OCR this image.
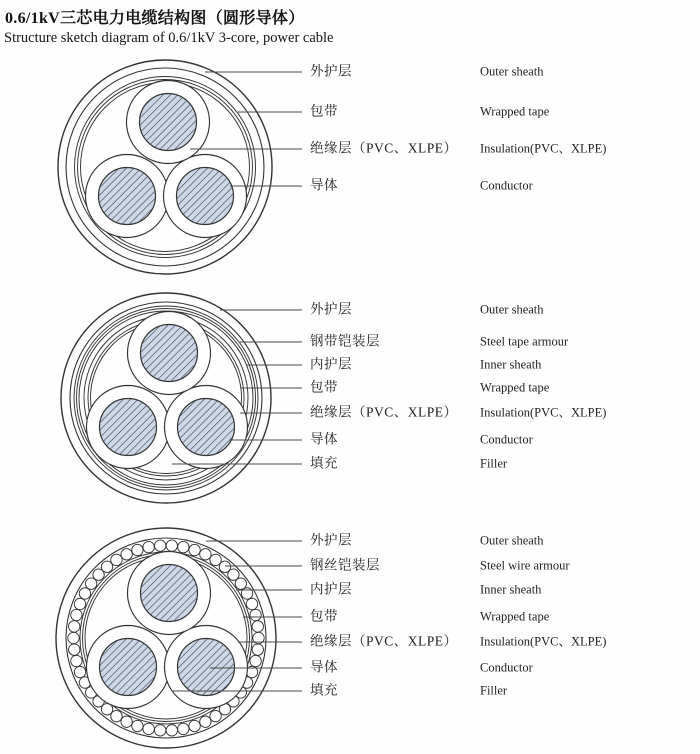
0.6/1kV三芯电力电缆结构图（圆形导体）
Structure sketch diagram of 0.6/1kV 3-core, power cable
外护层	Outer sheath
包带	Wrapped tape
绝缘层（PVC、XLPE） Insulation(PVC、XLPE)
导体	Conductor
外护层	Outer sheath
钢带铠装层	Steel tape armour
内护层	Inner sheath
包带	Wrapped tape
绝缘层（PVC、XLPE） Insulation(PVC、XLPE)
导体	Conductor
填充	Filler
外护层	Outer sheath
钢丝铠装层	Steel wire armour
内护层	Inner sheath
包带	Wrapped tape
绝缘层（PVC、XLPE） Insulation(PVC、XLPE)
导体	Conductor
填充	Filler
